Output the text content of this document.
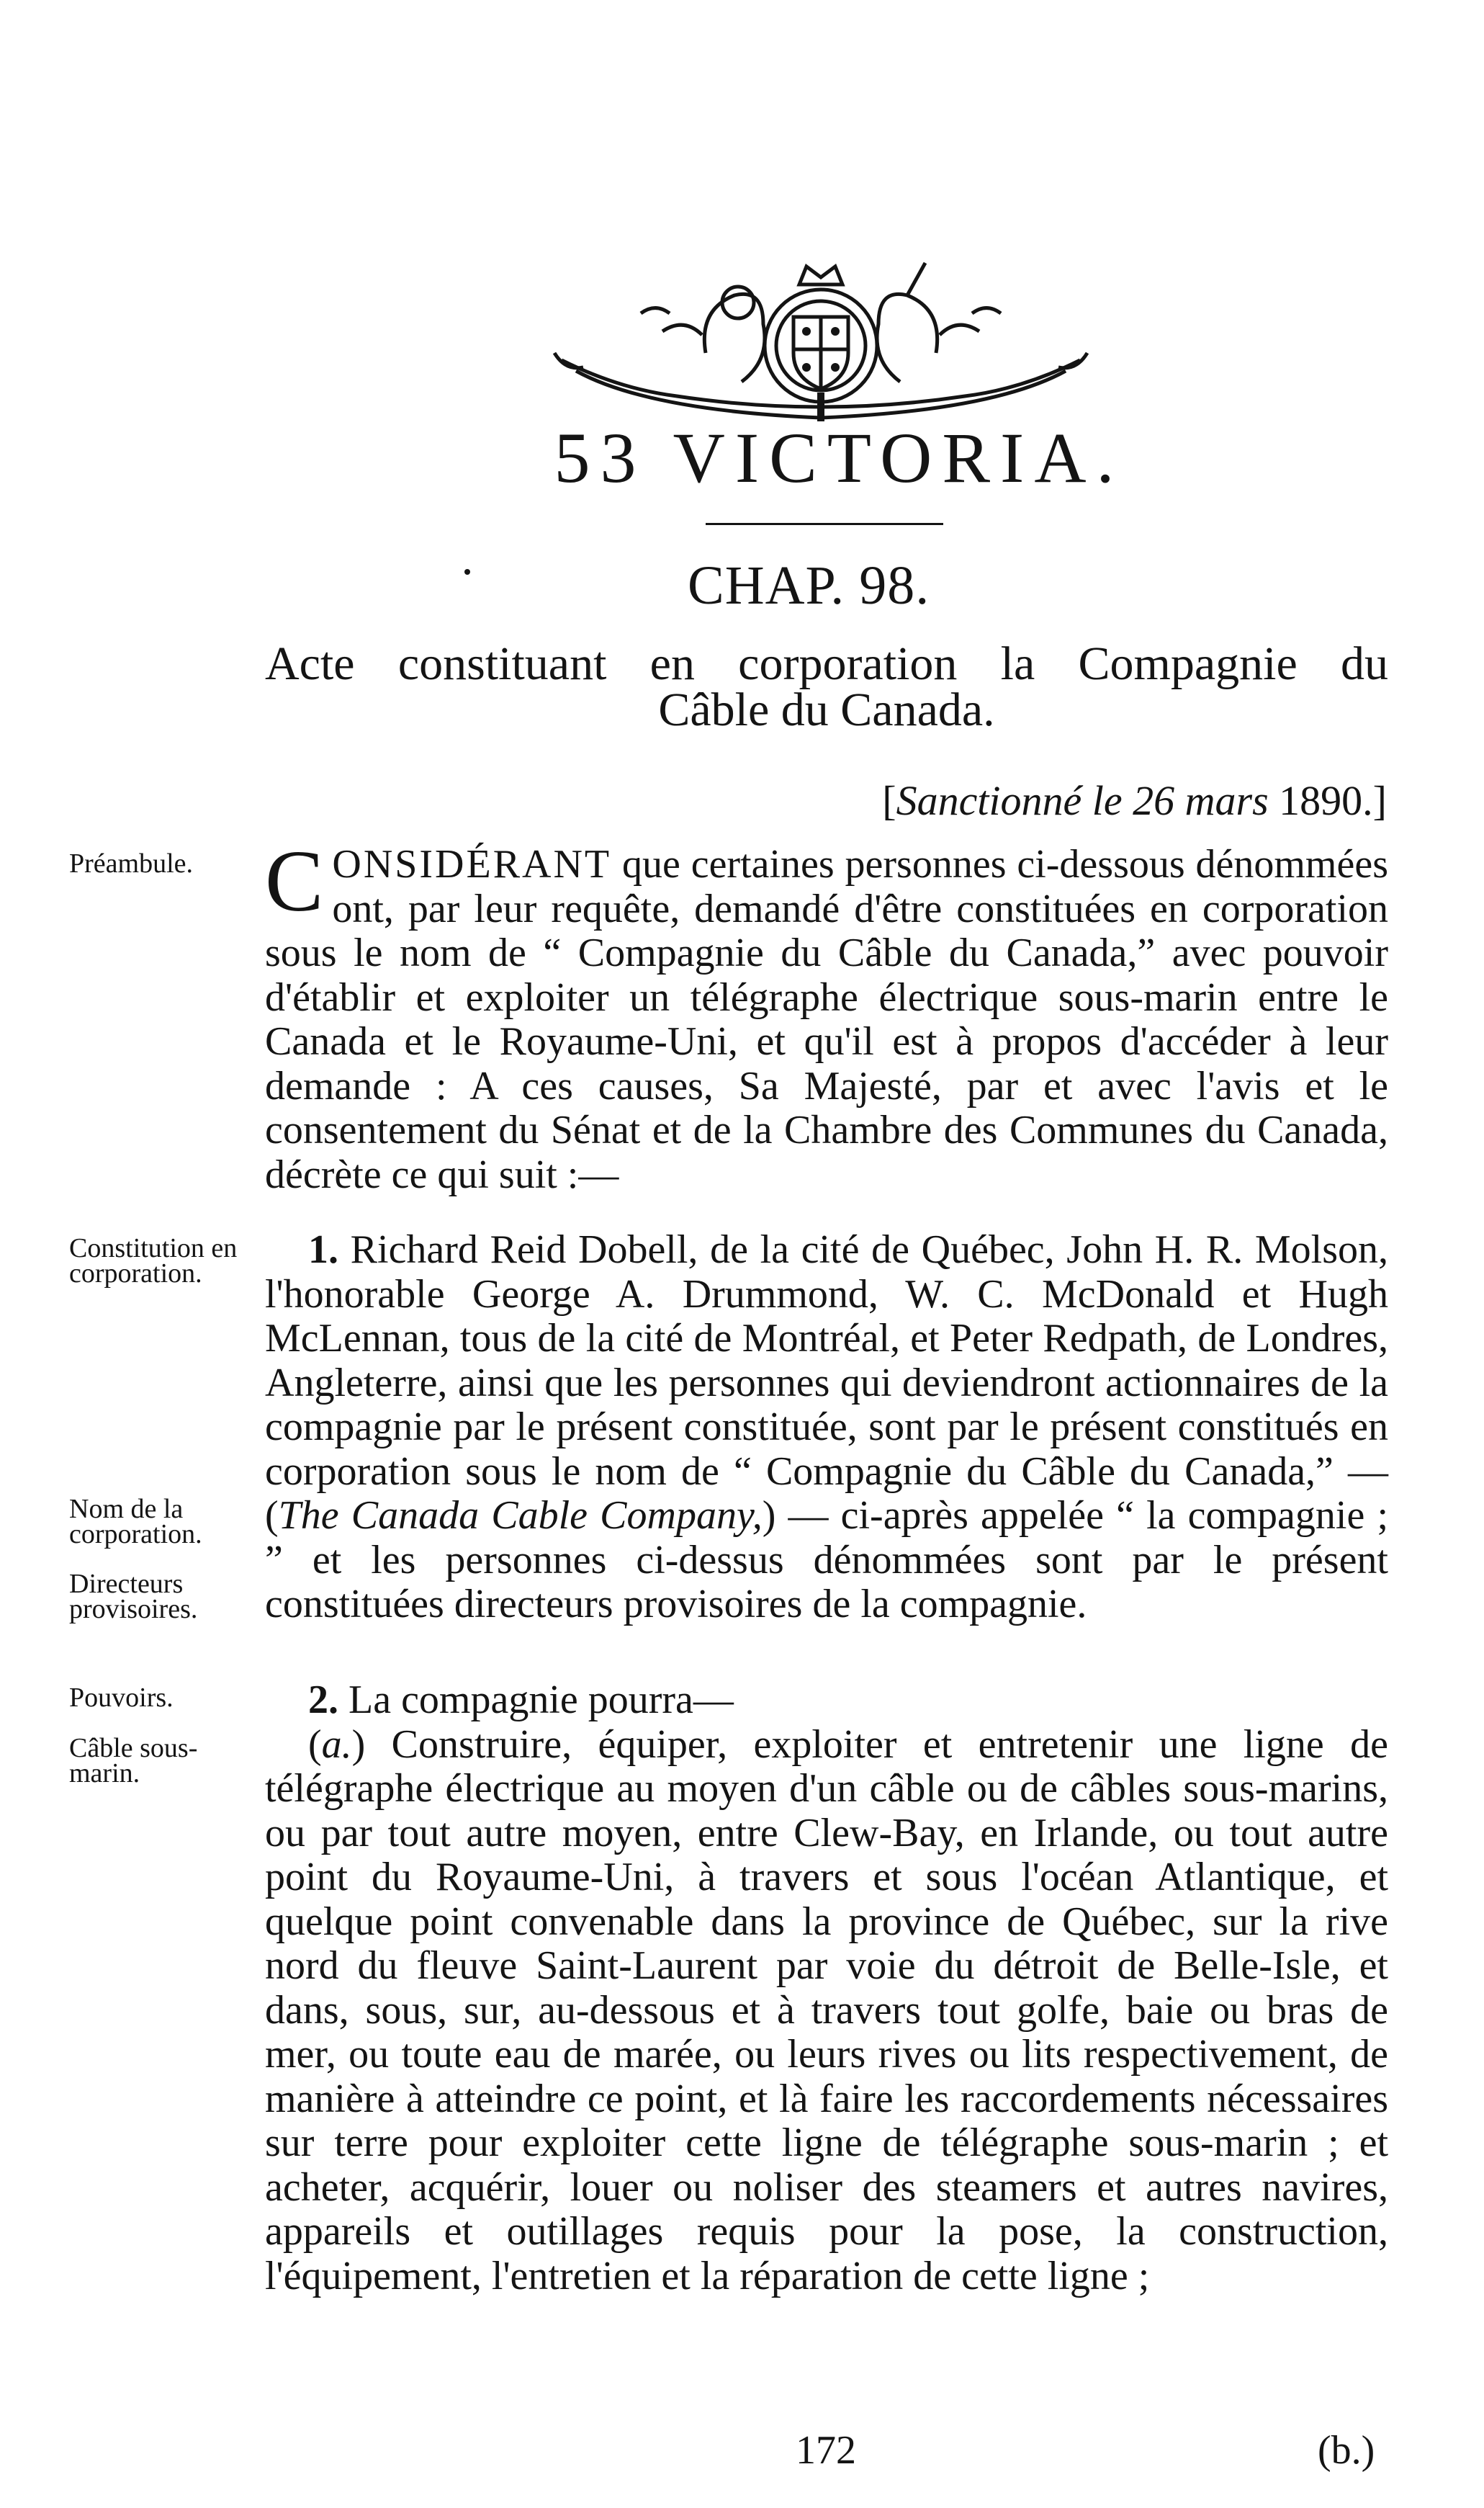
53 VICTORIA.
CHAP. 98.
Acte constituant en corporation la Compagnie du
Câble du Canada.
[Sanctionné le 26 mars 1890.]
Préambule.
Constitution en corporation.
Nom de la corporation.
Directeurs provisoires.
Pouvoirs.
Câble sous-marin.

CONSIDÉRANT que certaines personnes ci-dessous dénommées ont, par leur requête, demandé d'être constituées en corporation sous le nom de “ Compagnie du Câble du Canada,” avec pouvoir d'établir et exploiter un télégraphe électrique sous-marin entre le Canada et le Royaume-Uni, et qu'il est à propos d'accéder à leur demande : A ces causes, Sa Majesté, par et avec l'avis et le consentement du Sénat et de la Chambre des Communes du Canada, décrète ce qui suit :—

1. Richard Reid Dobell, de la cité de Québec, John H. R. Molson, l'honorable George A. Drummond, W. C. McDonald et Hugh McLennan, tous de la cité de Montréal, et Peter Redpath, de Londres, Angleterre, ainsi que les personnes qui deviendront actionnaires de la compagnie par le présent constituée, sont par le présent constitués en corporation sous le nom de “ Compagnie du Câble du Canada,” — (The Canada Cable Company,) — ci-après appelée “ la compagnie ; ” et les personnes ci-dessus dénommées sont par le présent constituées directeurs provisoires de la compagnie.

2. La compagnie pourra—

(a.) Construire, équiper, exploiter et entretenir une ligne de télégraphe électrique au moyen d'un câble ou de câbles sous-marins, ou par tout autre moyen, entre Clew-Bay, en Irlande, ou tout autre point du Royaume-Uni, à travers et sous l'océan Atlantique, et quelque point convenable dans la province de Québec, sur la rive nord du fleuve Saint-Laurent par voie du détroit de Belle-Isle, et dans, sous, sur, au-dessous et à travers tout golfe, baie ou bras de mer, ou toute eau de marée, ou leurs rives ou lits respectivement, de manière à atteindre ce point, et là faire les raccordements nécessaires sur terre pour exploiter cette ligne de télégraphe sous-marin ; et acheter, acquérir, louer ou noliser des steamers et autres navires, appareils et outillages requis pour la pose, la construction, l'équipement, l'entretien et la réparation de cette ligne ;

172	(b.)
